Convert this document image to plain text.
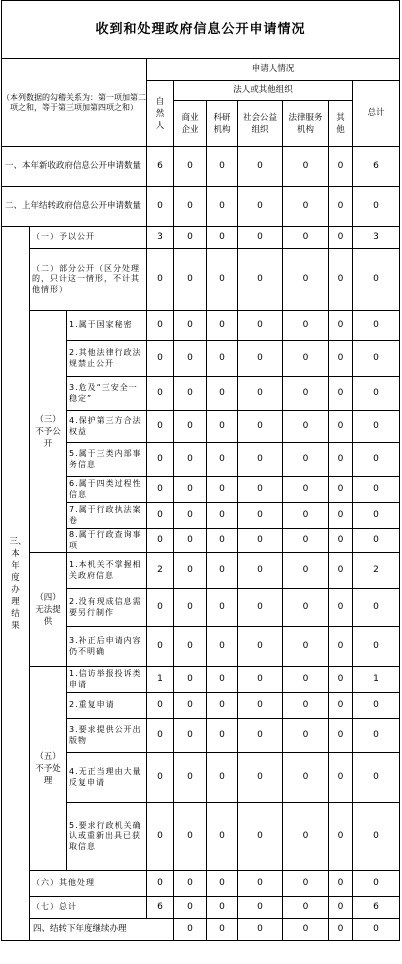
收到和处理政府信息公开申请情况										
（本列数据的勾稽关系为：第一项加第二项之和，等于第三项加第四项之和）			申请人情况							
			自然人	法人或其他组织					总计	
				商业企业	科研机构	社会公益组织	法律服务机构	其他		
一、本年新收政府信息公开申请数量			6	0	0	0	0	0	6	
二、上年结转政府信息公开申请数量			0	0	0	0	0	0	0	
三、本年度办理结果	（一）予以公开		3	0	0	0	0	0	3	
	（二）部分公开（区分处理的，只计这一情形，不计其他情形）		0	0	0	0	0	0	0	
	（三）不予公开	1.属于国家秘密	0	0	0	0	0	0	0	
		2.其他法律行政法规禁止公开	0	0	0	0	0	0	0	
		3.危及“三安全一稳定”	0	0	0	0	0	0	0	
		4.保护第三方合法权益	0	0	0	0	0	0	0	
		5.属于三类内部事务信息	0	0	0	0	0	0	0	
		6.属于四类过程性信息	0	0	0	0	0	0	0	
		7.属于行政执法案卷	0	0	0	0	0	0	0	
		8.属于行政查询事项	0	0	0	0	0	0	0	
	（四）无法提供	1.本机关不掌握相关政府信息	2	0	0	0	0	0	2	
		2.没有现成信息需要另行制作	0	0	0	0	0	0	0	
		3.补正后申请内容仍不明确	0	0	0	0	0	0	0	
	（五）不予处理	1.信访举报投诉类申请	1	0	0	0	0	0	1	
		2.重复申请	0	0	0	0	0	0	0	
		3.要求提供公开出版物	0	0	0	0	0	0	0	
		4.无正当理由大量反复申请	0	0	0	0	0	0	0	
		5.要求行政机关确认或重新出具已获取信息	0	0	0	0	0	0	0	
	（六）其他处理		0	0	0	0	0	0	0	
	（七）总计		6	0	0	0	0	0	6	
	四、结转下年度继续办理			0	0	0	0	0	0	
